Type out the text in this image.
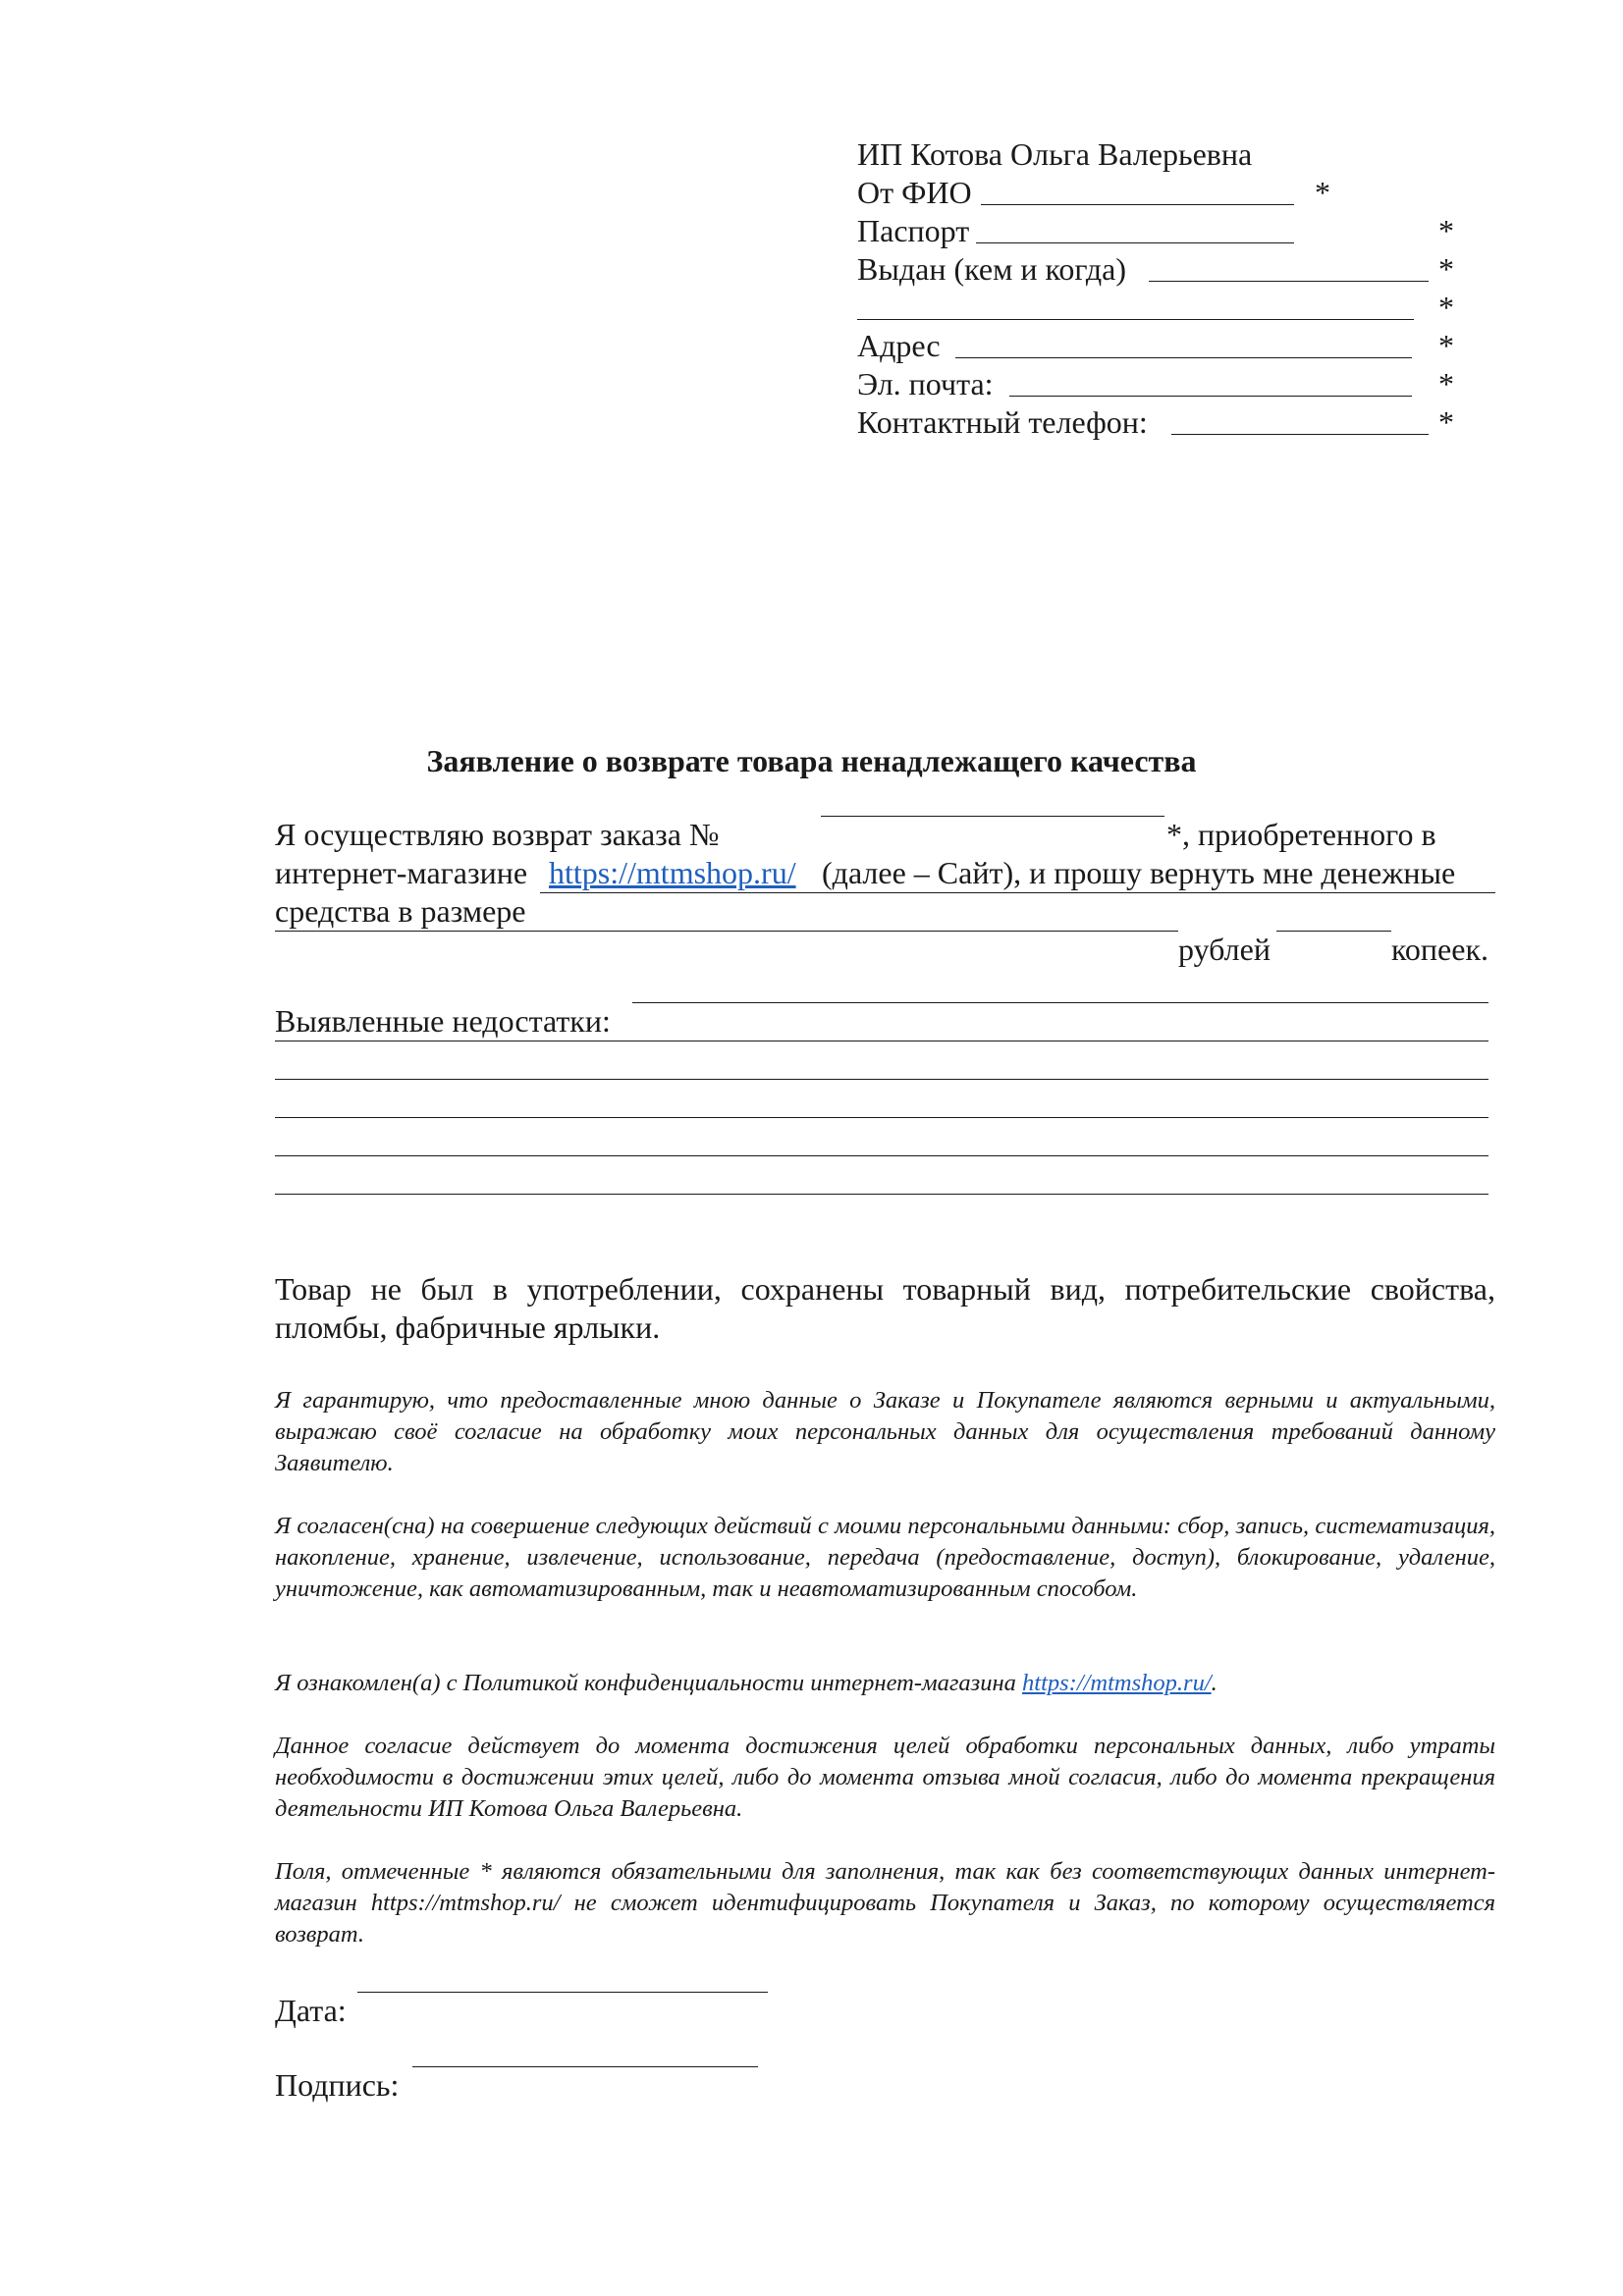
ИП Котова Ольга Валерьевна
От ФИО	*
Паспорт	*
Выдан (кем и когда)	*
*
Адрес	*
Эл. почта:	*
Контактный телефон:	*
Заявление о возврате товара ненадлежащего качества
Я осуществляю возврат заказа №	*, приобретенного в
интернет-магазине https://mtmshop.ru/ (далее – Сайт), и прошу вернуть мне денежные
средства в размере
рублей	копеек.
Выявленные недостатки:
Товар не был в употреблении, сохранены товарный вид, потребительские свойства, пломбы, фабричные ярлыки.
Я гарантирую, что предоставленные мною данные о Заказе и Покупателе являются верными и актуальными, выражаю своё согласие на обработку моих персональных данных для осуществления требований данному Заявителю.
Я согласен(сна) на совершение следующих действий с моими персональными данными: сбор, запись, систематизация, накопление, хранение, извлечение, использование, передача (предоставление, доступ), блокирование, удаление, уничтожение, как автоматизированным, так и неавтоматизированным способом.
Я ознакомлен(а) с Политикой конфиденциальности интернет-магазина https://mtmshop.ru/.
Данное согласие действует до момента достижения целей обработки персональных данных, либо утраты необходимости в достижении этих целей, либо до момента отзыва мной согласия, либо до момента прекращения деятельности ИП Котова Ольга Валерьевна.
Поля, отмеченные * являются обязательными для заполнения, так как без соответствующих данных интернет-магазин https://mtmshop.ru/ не сможет идентифицировать Покупателя и Заказ, по которому осуществляется возврат.
Дата:
Подпись:
